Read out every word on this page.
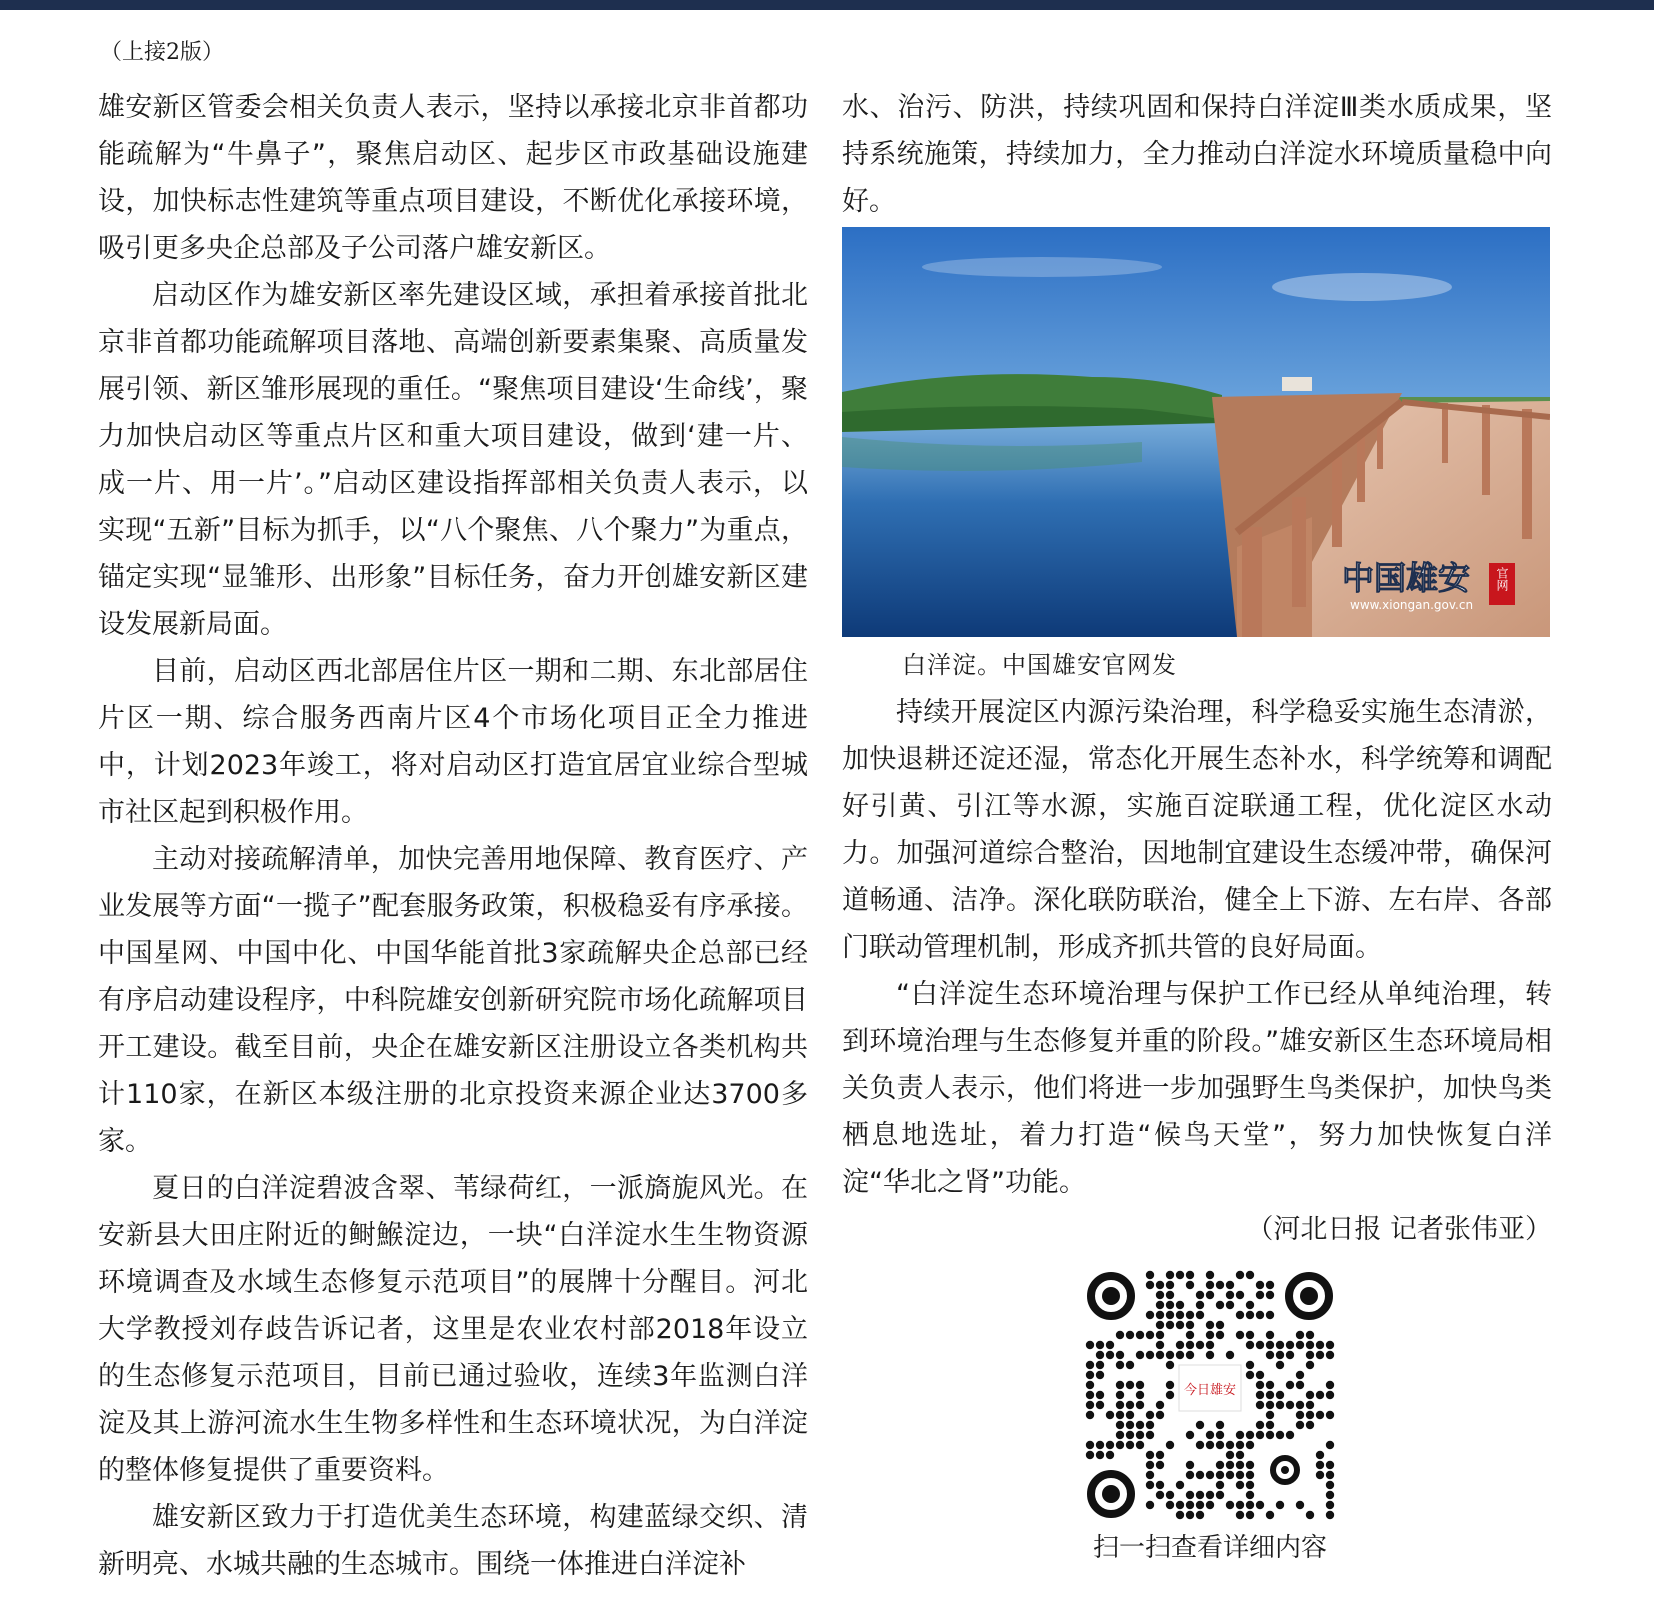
（上接2版）

雄安新区管委会相关负责人表示，坚持以承接北京非首都功能疏解为“牛鼻子”，聚焦启动区、起步区市政基础设施建设，加快标志性建筑等重点项目建设，不断优化承接环境，吸引更多央企总部及子公司落户雄安新区。

启动区作为雄安新区率先建设区域，承担着承接首批北京非首都功能疏解项目落地、高端创新要素集聚、高质量发展引领、新区雏形展现的重任。“聚焦项目建设‘生命线’，聚力加快启动区等重点片区和重大项目建设，做到‘建一片、成一片、用一片’。”启动区建设指挥部相关负责人表示，以实现“五新”目标为抓手，以“八个聚焦、八个聚力”为重点，锚定实现“显雏形、出形象”目标任务，奋力开创雄安新区建设发展新局面。

目前，启动区西北部居住片区一期和二期、东北部居住片区一期、综合服务西南片区4个市场化项目正全力推进中，计划2023年竣工，将对启动区打造宜居宜业综合型城市社区起到积极作用。

主动对接疏解清单，加快完善用地保障、教育医疗、产业发展等方面“一揽子”配套服务政策，积极稳妥有序承接。中国星网、中国中化、中国华能首批3家疏解央企总部已经有序启动建设程序，中科院雄安创新研究院市场化疏解项目开工建设。截至目前，央企在雄安新区注册设立各类机构共计110家，在新区本级注册的北京投资来源企业达3700多家。

夏日的白洋淀碧波含翠、苇绿荷红，一派旖旎风光。在安新县大田庄附近的鲥鯸淀边，一块“白洋淀水生生物资源环境调查及水域生态修复示范项目”的展牌十分醒目。河北大学教授刘存歧告诉记者，这里是农业农村部2018年设立的生态修复示范项目，目前已通过验收，连续3年监测白洋淀及其上游河流水生生物多样性和生态环境状况，为白洋淀的整体修复提供了重要资料。

雄安新区致力于打造优美生态环境，构建蓝绿交织、清新明亮、水城共融的生态城市。围绕一体推进白洋淀补

水、治污、防洪，持续巩固和保持白洋淀Ⅲ类水质成果，坚持系统施策，持续加力，全力推动白洋淀水环境质量稳中向好。

中国雄安 官网
www.xiongan.gov.cn
白洋淀。中国雄安官网发

持续开展淀区内源污染治理，科学稳妥实施生态清淤，加快退耕还淀还湿，常态化开展生态补水，科学统筹和调配好引黄、引江等水源，实施百淀联通工程，优化淀区水动力。加强河道综合整治，因地制宜建设生态缓冲带，确保河道畅通、洁净。深化联防联治，健全上下游、左右岸、各部门联动管理机制，形成齐抓共管的良好局面。

“白洋淀生态环境治理与保护工作已经从单纯治理，转到环境治理与生态修复并重的阶段。”雄安新区生态环境局相关负责人表示，他们将进一步加强野生鸟类保护，加快鸟类栖息地选址，着力打造“候鸟天堂”，努力加快恢复白洋淀“华北之肾”功能。

（河北日报 记者张伟亚）
今日雄安
扫一扫查看详细内容
